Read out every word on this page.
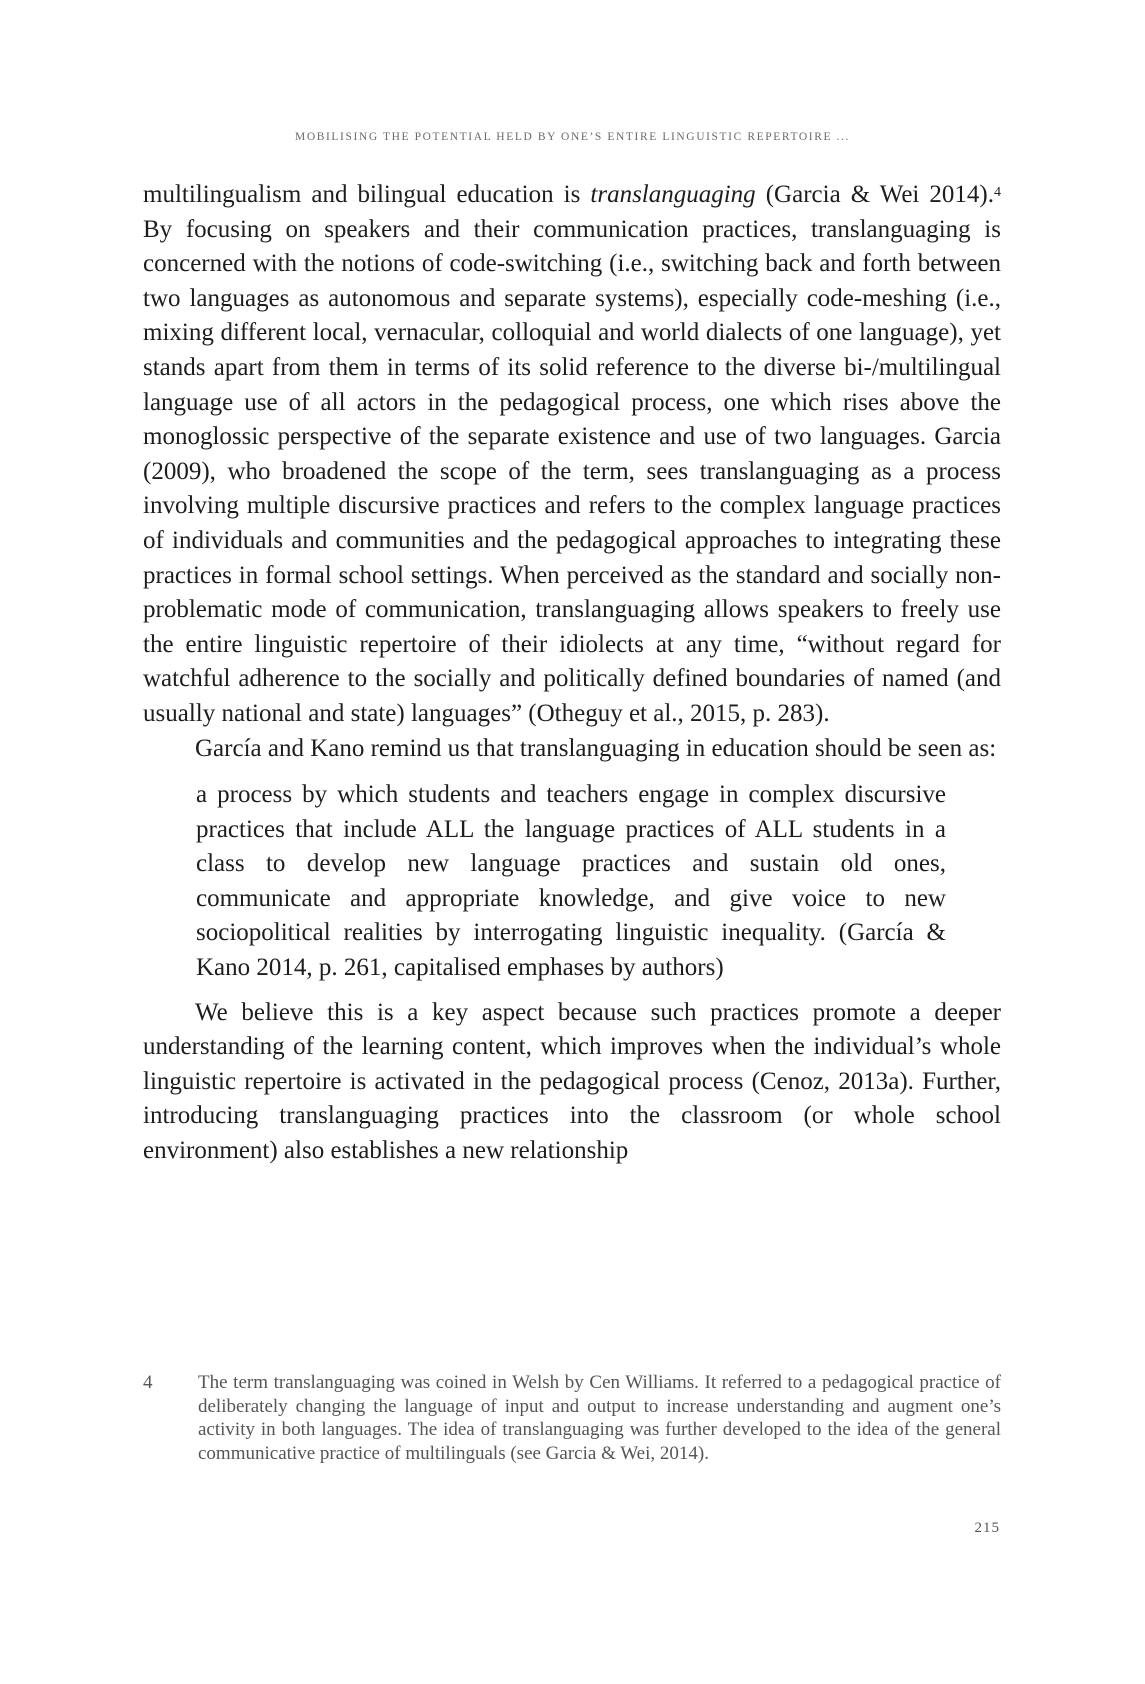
MOBILISING THE POTENTIAL HELD BY ONE’S ENTIRE LINGUISTIC REPERTOIRE ...

multilingualism and bilingual education is translanguaging (Garcia & Wei 2014).$^4$ By focusing on speakers and their communication practices, translanguaging is concerned with the notions of code-switching (i.e., switching back and forth between two languages as autonomous and separate systems), especially code-meshing (i.e., mixing different local, vernacular, colloquial and world dialects of one language), yet stands apart from them in terms of its solid reference to the diverse bi-/multilingual language use of all actors in the pedagogical process, one which rises above the monoglossic perspective of the separate existence and use of two languages. Garcia (2009), who broadened the scope of the term, sees translanguaging as a process involving multiple discursive practices and refers to the complex language practices of individuals and communities and the pedagogical approaches to integrating these practices in formal school settings. When perceived as the standard and socially non-problematic mode of communication, translanguaging allows speakers to freely use the entire linguistic repertoire of their idiolects at any time, “without regard for watchful adherence to the socially and politically defined boundaries of named (and usually national and state) languages” (Otheguy et al., 2015, p. 283).

García and Kano remind us that translanguaging in education should be seen as:

a process by which students and teachers engage in complex discursive practices that include ALL the language practices of ALL students in a class to develop new language practices and sustain old ones, communicate and appropriate knowledge, and give voice to new sociopolitical realities by interrogating linguistic inequality. (García & Kano 2014, p. 261, capitalised emphases by authors)

We believe this is a key aspect because such practices promote a deeper understanding of the learning content, which improves when the individual’s whole linguistic repertoire is activated in the pedagogical process (Cenoz, 2013a). Further, introducing translanguaging practices into the classroom (or whole school environment) also establishes a new relationship

4	The term translanguaging was coined in Welsh by Cen Williams. It referred to a pedagogical practice of deliberately changing the language of input and output to increase understanding and augment one’s activity in both languages. The idea of translanguaging was further developed to the idea of the general communicative practice of multilinguals (see Garcia & Wei, 2014).
215
